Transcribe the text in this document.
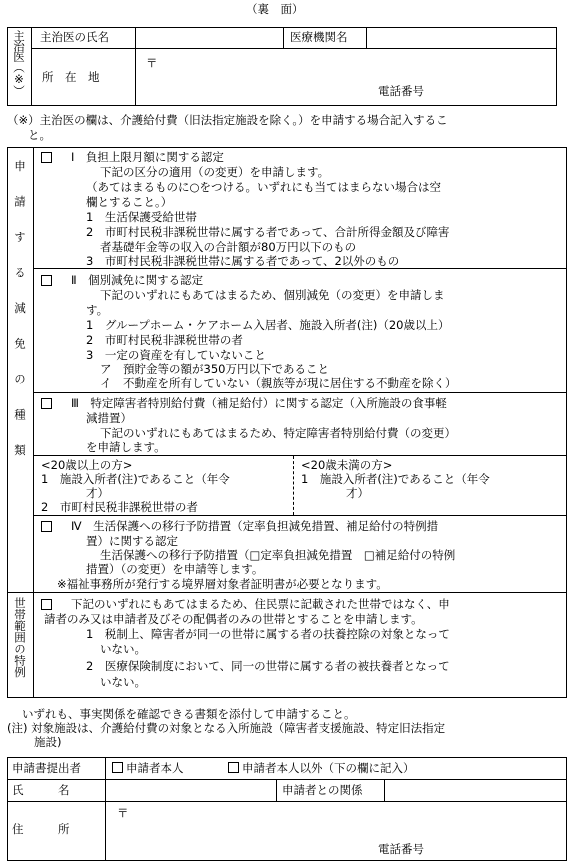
（裏　面）
主治医（※） 主治医の氏名	医療機関名
所　在　地
〒
電話番号
（※）主治医の欄は、介護給付費（旧法指定施設を除く。）を申請する場合記入するこ
と。
申請する減免の種類
Ⅰ　負担上限月額に関する認定
下記の区分の適用（の変更）を申請します。
（あてはまるものに○をつける。いずれにも当てはまらない場合は空
欄とすること。）
1　生活保護受給世帯
2　市町村民税非課税世帯に属する者であって、合計所得金額及び障害
者基礎年金等の収入の合計額が80万円以下のもの
3　市町村民税非課税世帯に属する者であって、2以外のもの
Ⅱ　個別減免に関する認定
下記のいずれにもあてはまるため、個別減免（の変更）を申請しま
す。
1　グループホーム・ケアホーム入居者、施設入所者(注)（20歳以上）
2　市町村民税非課税世帯の者
3　一定の資産を有していないこと
ア　預貯金等の額が350万円以下であること
イ　不動産を所有していない（親族等が現に居住する不動産を除く）
Ⅲ　特定障害者特別給付費（補足給付）に関する認定（入所施設の食事軽
減措置）
下記のいずれにもあてはまるため、特定障害者特別給付費（の変更）
を申請します。
<20歳以上の方>
1　施設入所者(注)であること（年令
才）
2　市町村民税非課税世帯の者
<20歳未満の方>
1　施設入所者(注)であること（年令
才）
Ⅳ　生活保護への移行予防措置（定率負担減免措置、補足給付の特例措
置）に関する認定
生活保護への移行予防措置（□定率負担減免措置　□補足給付の特例
措置）（の変更）を申請等します。
※福祉事務所が発行する境界層対象者証明書が必要となります。
世帯範囲の特例	下記のいずれにもあてはまるため、住民票に記載された世帯ではなく、申
請者のみ又は申請者及びその配偶者のみの世帯とすることを申請します。
1　税制上、障害者が同一の世帯に属する者の扶養控除の対象となって
いない。
2　医療保険制度において、同一の世帯に属する者の被扶養者となって
いない。
いずれも、事実関係を確認できる書類を添付して申請すること。
(注) 対象施設は、介護給付費の対象となる入所施設（障害者支援施設、特定旧法指定
施設)
申請書提出者	申請者本人	申請者本人以外（下の欄に記入）
氏　　　名	申請者との関係
住　　　所
〒
電話番号
